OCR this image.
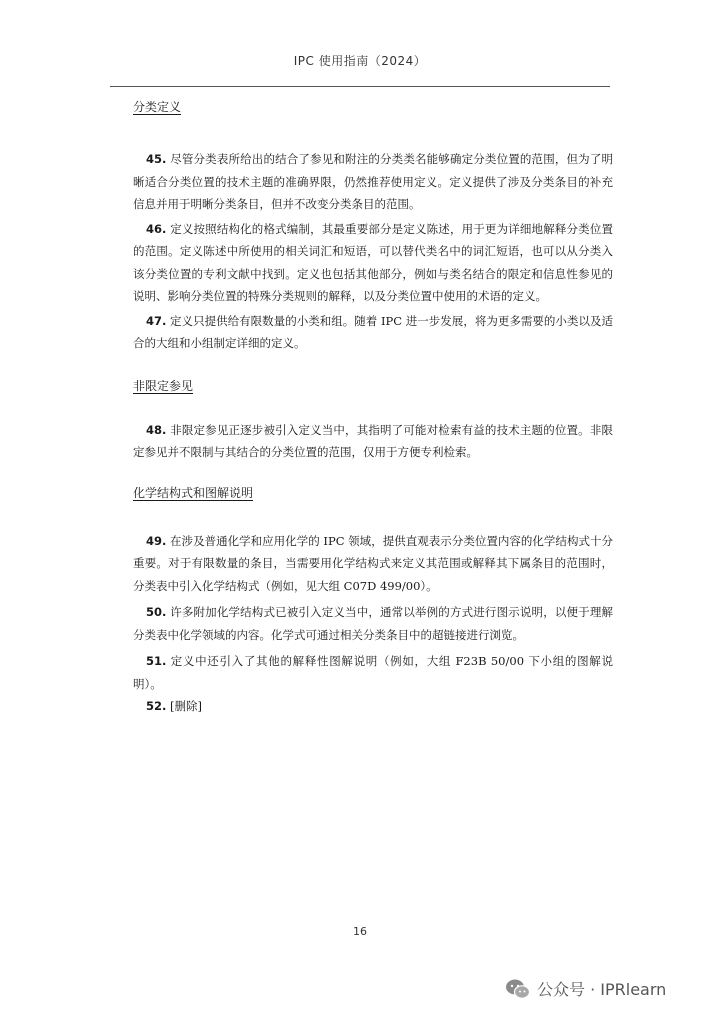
IPC 使用指南（2024）
分类定义

45. 尽管分类表所给出的结合了参见和附注的分类类名能够确定分类位置的范围，但为了明晰适合分类位置的技术主题的准确界限，仍然推荐使用定义。定义提供了涉及分类条目的补充信息并用于明晰分类条目，但并不改变分类条目的范围。

46. 定义按照结构化的格式编制，其最重要部分是定义陈述，用于更为详细地解释分类位置的范围。定义陈述中所使用的相关词汇和短语，可以替代类名中的词汇短语，也可以从分类入该分类位置的专利文献中找到。定义也包括其他部分，例如与类名结合的限定和信息性参见的说明、影响分类位置的特殊分类规则的解释，以及分类位置中使用的术语的定义。

47. 定义只提供给有限数量的小类和组。随着 IPC 进一步发展，将为更多需要的小类以及适合的大组和小组制定详细的定义。

非限定参见

48. 非限定参见正逐步被引入定义当中，其指明了可能对检索有益的技术主题的位置。非限定参见并不限制与其结合的分类位置的范围，仅用于方便专利检索。

化学结构式和图解说明

49. 在涉及普通化学和应用化学的 IPC 领域，提供直观表示分类位置内容的化学结构式十分重要。对于有限数量的条目，当需要用化学结构式来定义其范围或解释其下属条目的范围时，分类表中引入化学结构式（例如，见大组 C07D 499/00）。

50. 许多附加化学结构式已被引入定义当中，通常以举例的方式进行图示说明，以便于理解分类表中化学领域的内容。化学式可通过相关分类条目中的超链接进行浏览。

51. 定义中还引入了其他的解释性图解说明（例如，大组 F23B 50/00 下小组的图解说明）。

52. [删除]

16
公众号 · IPRlearn
